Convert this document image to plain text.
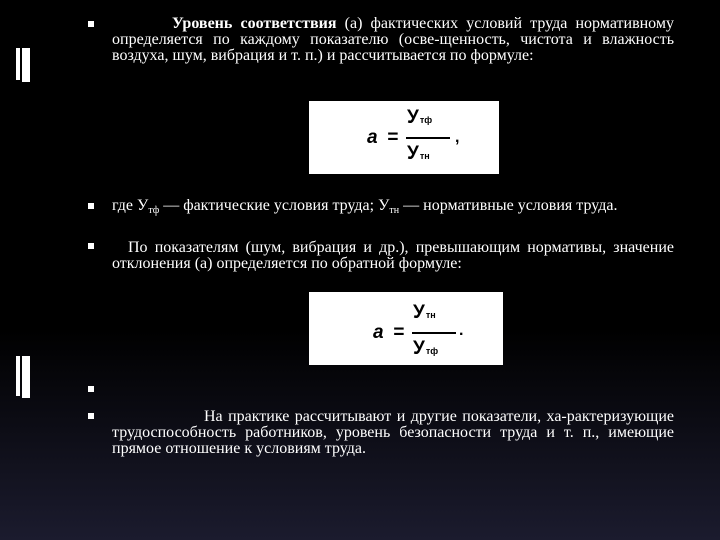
Уровень соответствия (а) фактических условий труда нормативному определяется по каждому показателю (осве-щенность, чистота и влажность воздуха, шум, вибрация и т. п.) и рассчитывается по формуле:
a =
Утф
Утн
,
где Утф — фактические условия труда; Утн — нормативные условия труда.
По показателям (шум, вибрация и др.), превышающим нормативы, значение отклонения (а) определяется по обратной формуле:
a =
Утн
Утф
.
На практике рассчитывают и другие показатели, ха-рактеризующие трудоспособность работников, уровень безопасности труда и т. п., имеющие прямое отношение к условиям труда.
